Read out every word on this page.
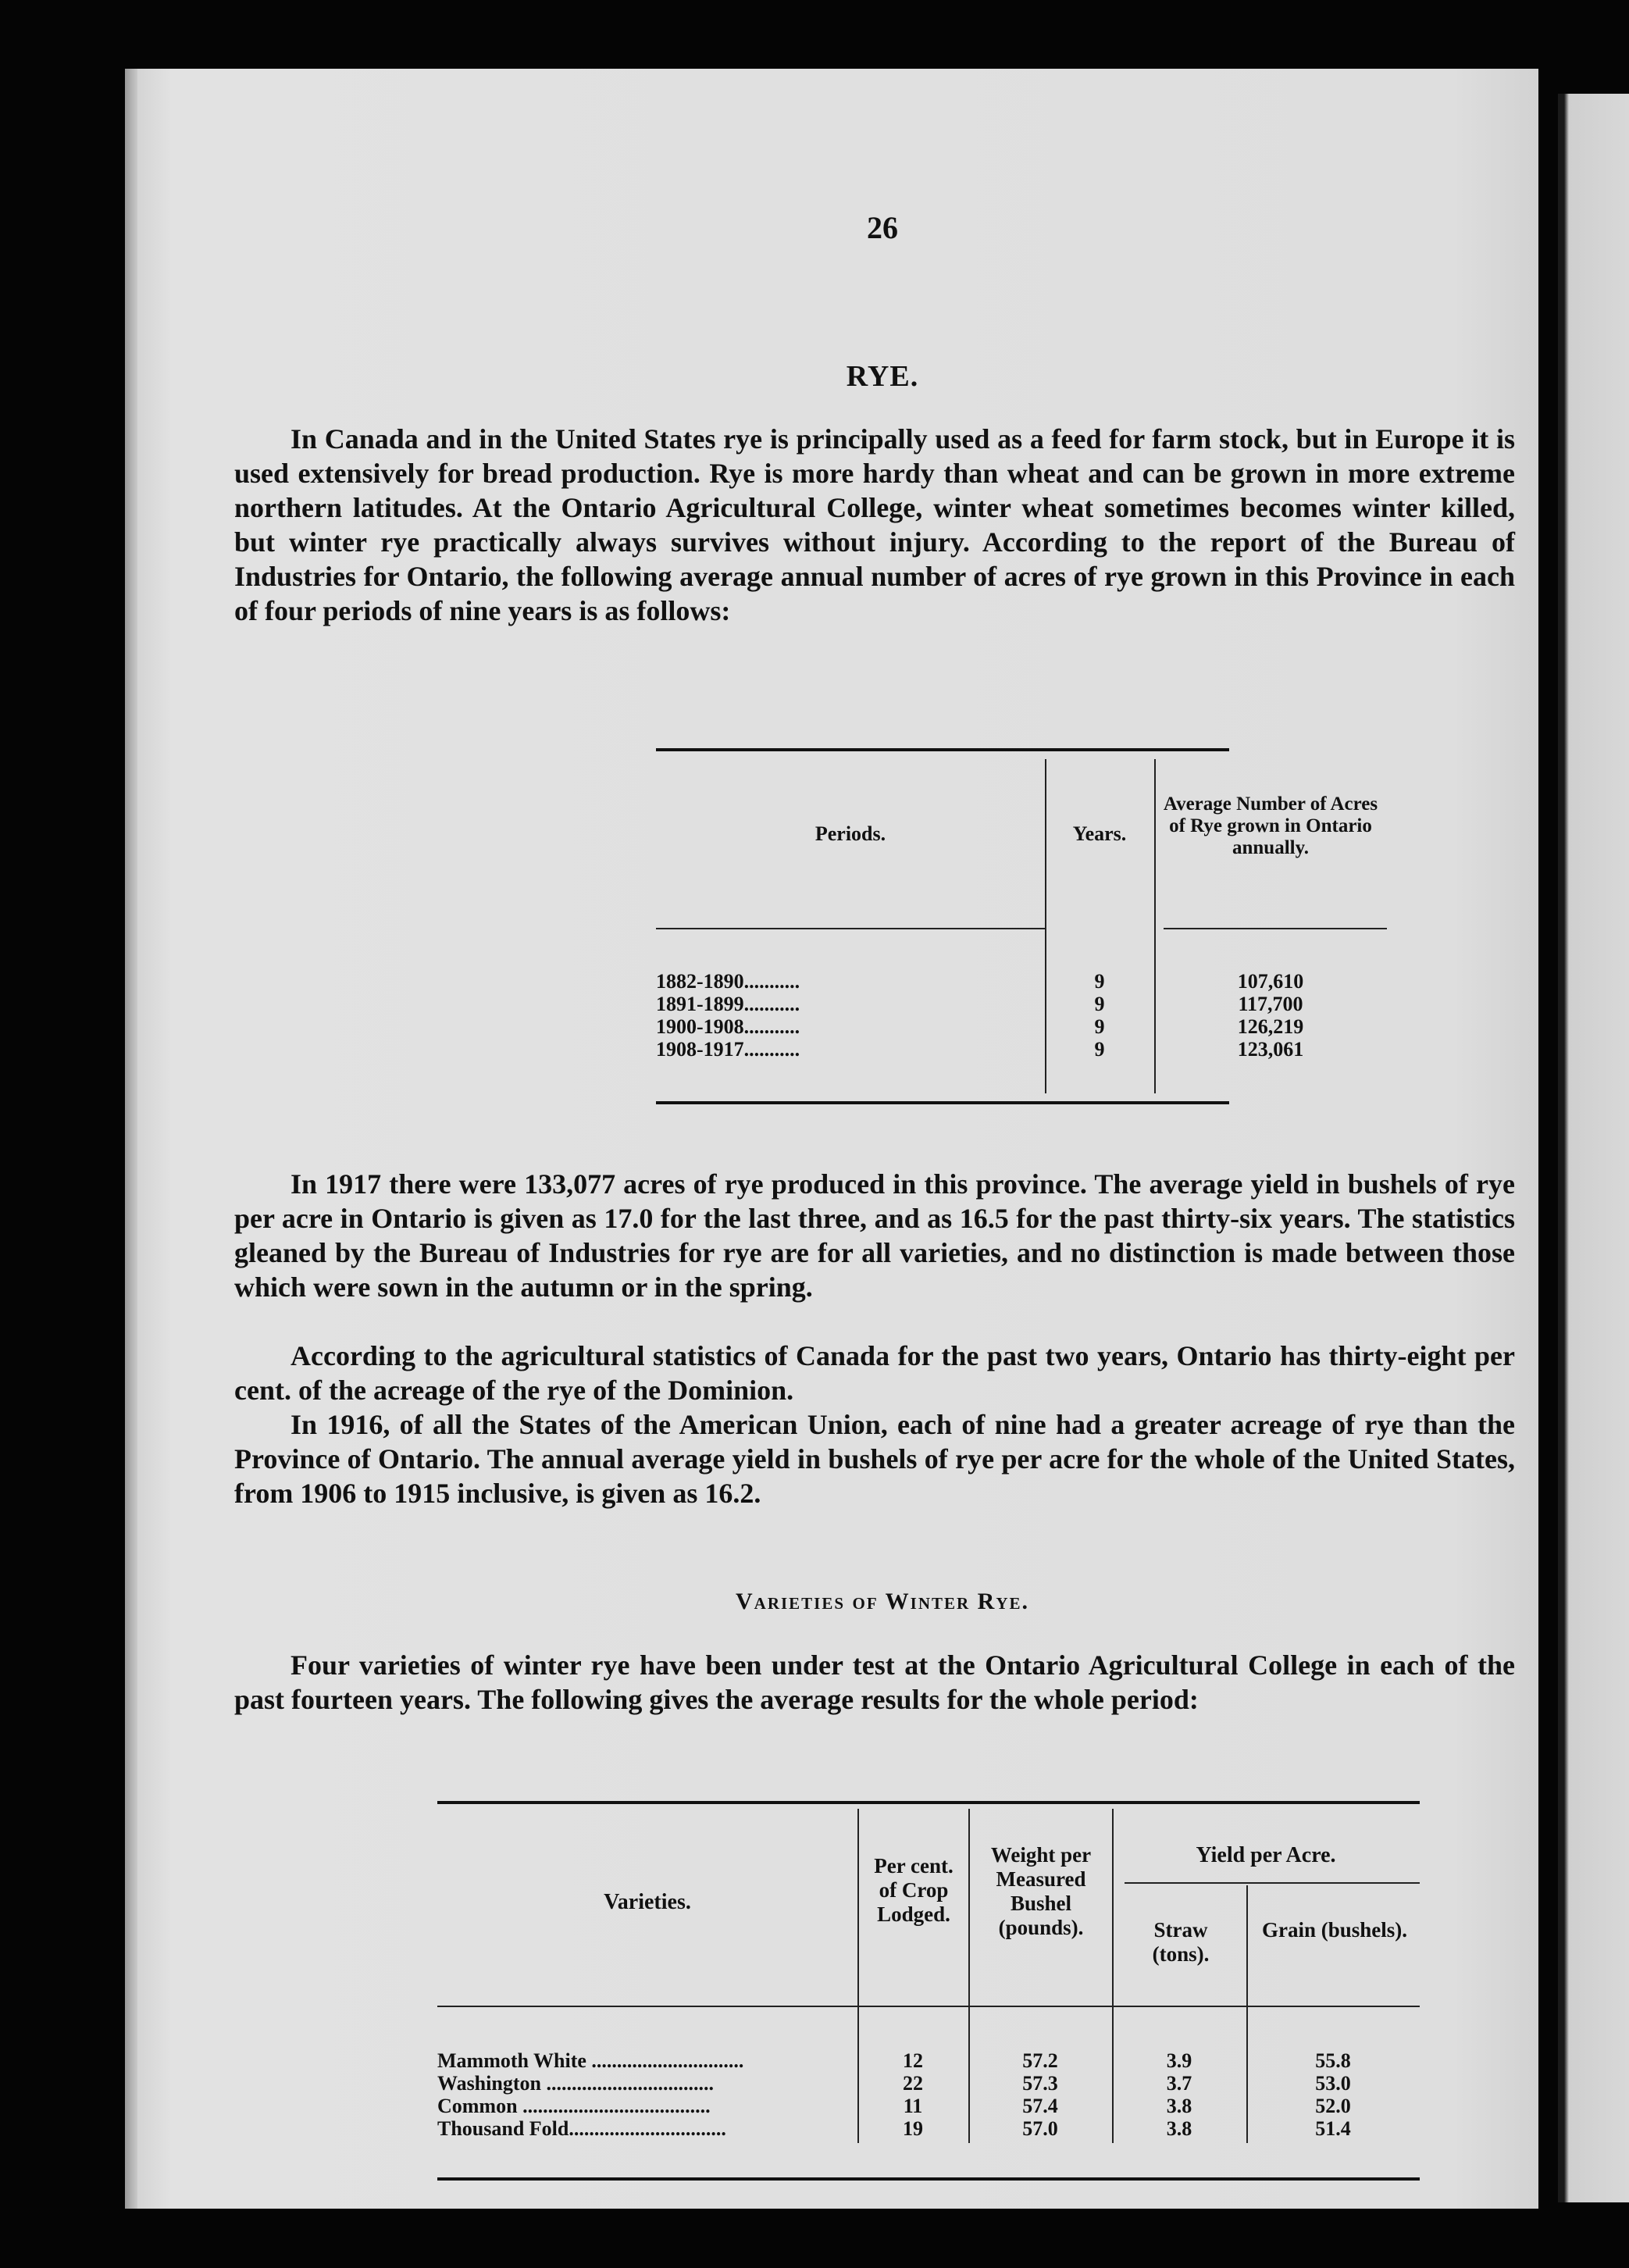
26
RYE.

In Canada and in the United States rye is principally used as a feed for farm stock, but in Europe it is used extensively for bread production. Rye is more hardy than wheat and can be grown in more extreme northern latitudes. At the Ontario Agricultural College, winter wheat sometimes becomes winter killed, but winter rye practically always survives without injury. According to the report of the Bureau of Industries for Ontario, the following average annual number of acres of rye grown in this Province in each of four periods of nine years is as follows:

Periods.	Years.
Average Number of Acres of Rye grown in Ontario annually.
1882-1890...........
1891-1899...........
1900-1908...........
1908-1917...........
9
9
9
9
107,610
117,700
126,219
123,061

In 1917 there were 133,077 acres of rye produced in this province. The average yield in bushels of rye per acre in Ontario is given as 17.0 for the last three, and as 16.5 for the past thirty-six years. The statistics gleaned by the Bureau of Industries for rye are for all varieties, and no distinction is made between those which were sown in the autumn or in the spring.

According to the agricultural statistics of Canada for the past two years, Ontario has thirty-eight per cent. of the acreage of the rye of the Dominion.

In 1916, of all the States of the American Union, each of nine had a greater acreage of rye than the Province of Ontario. The annual average yield in bushels of rye per acre for the whole of the United States, from 1906 to 1915 inclusive, is given as 16.2.

Varieties of Winter Rye.

Four varieties of winter rye have been under test at the Ontario Agricultural College in each of the past fourteen years. The following gives the average results for the whole period:

Varieties.
Per cent. of Crop Lodged.
Weight per Measured Bushel (pounds).
Yield per Acre.
Straw (tons).
Grain (bushels).
Mammoth White ..............................
Washington .................................
Common .....................................
Thousand Fold...............................
12
22
11
19
57.2
57.3
57.4
57.0
3.9
3.7
3.8
3.8
55.8
53.0
52.0
51.4
